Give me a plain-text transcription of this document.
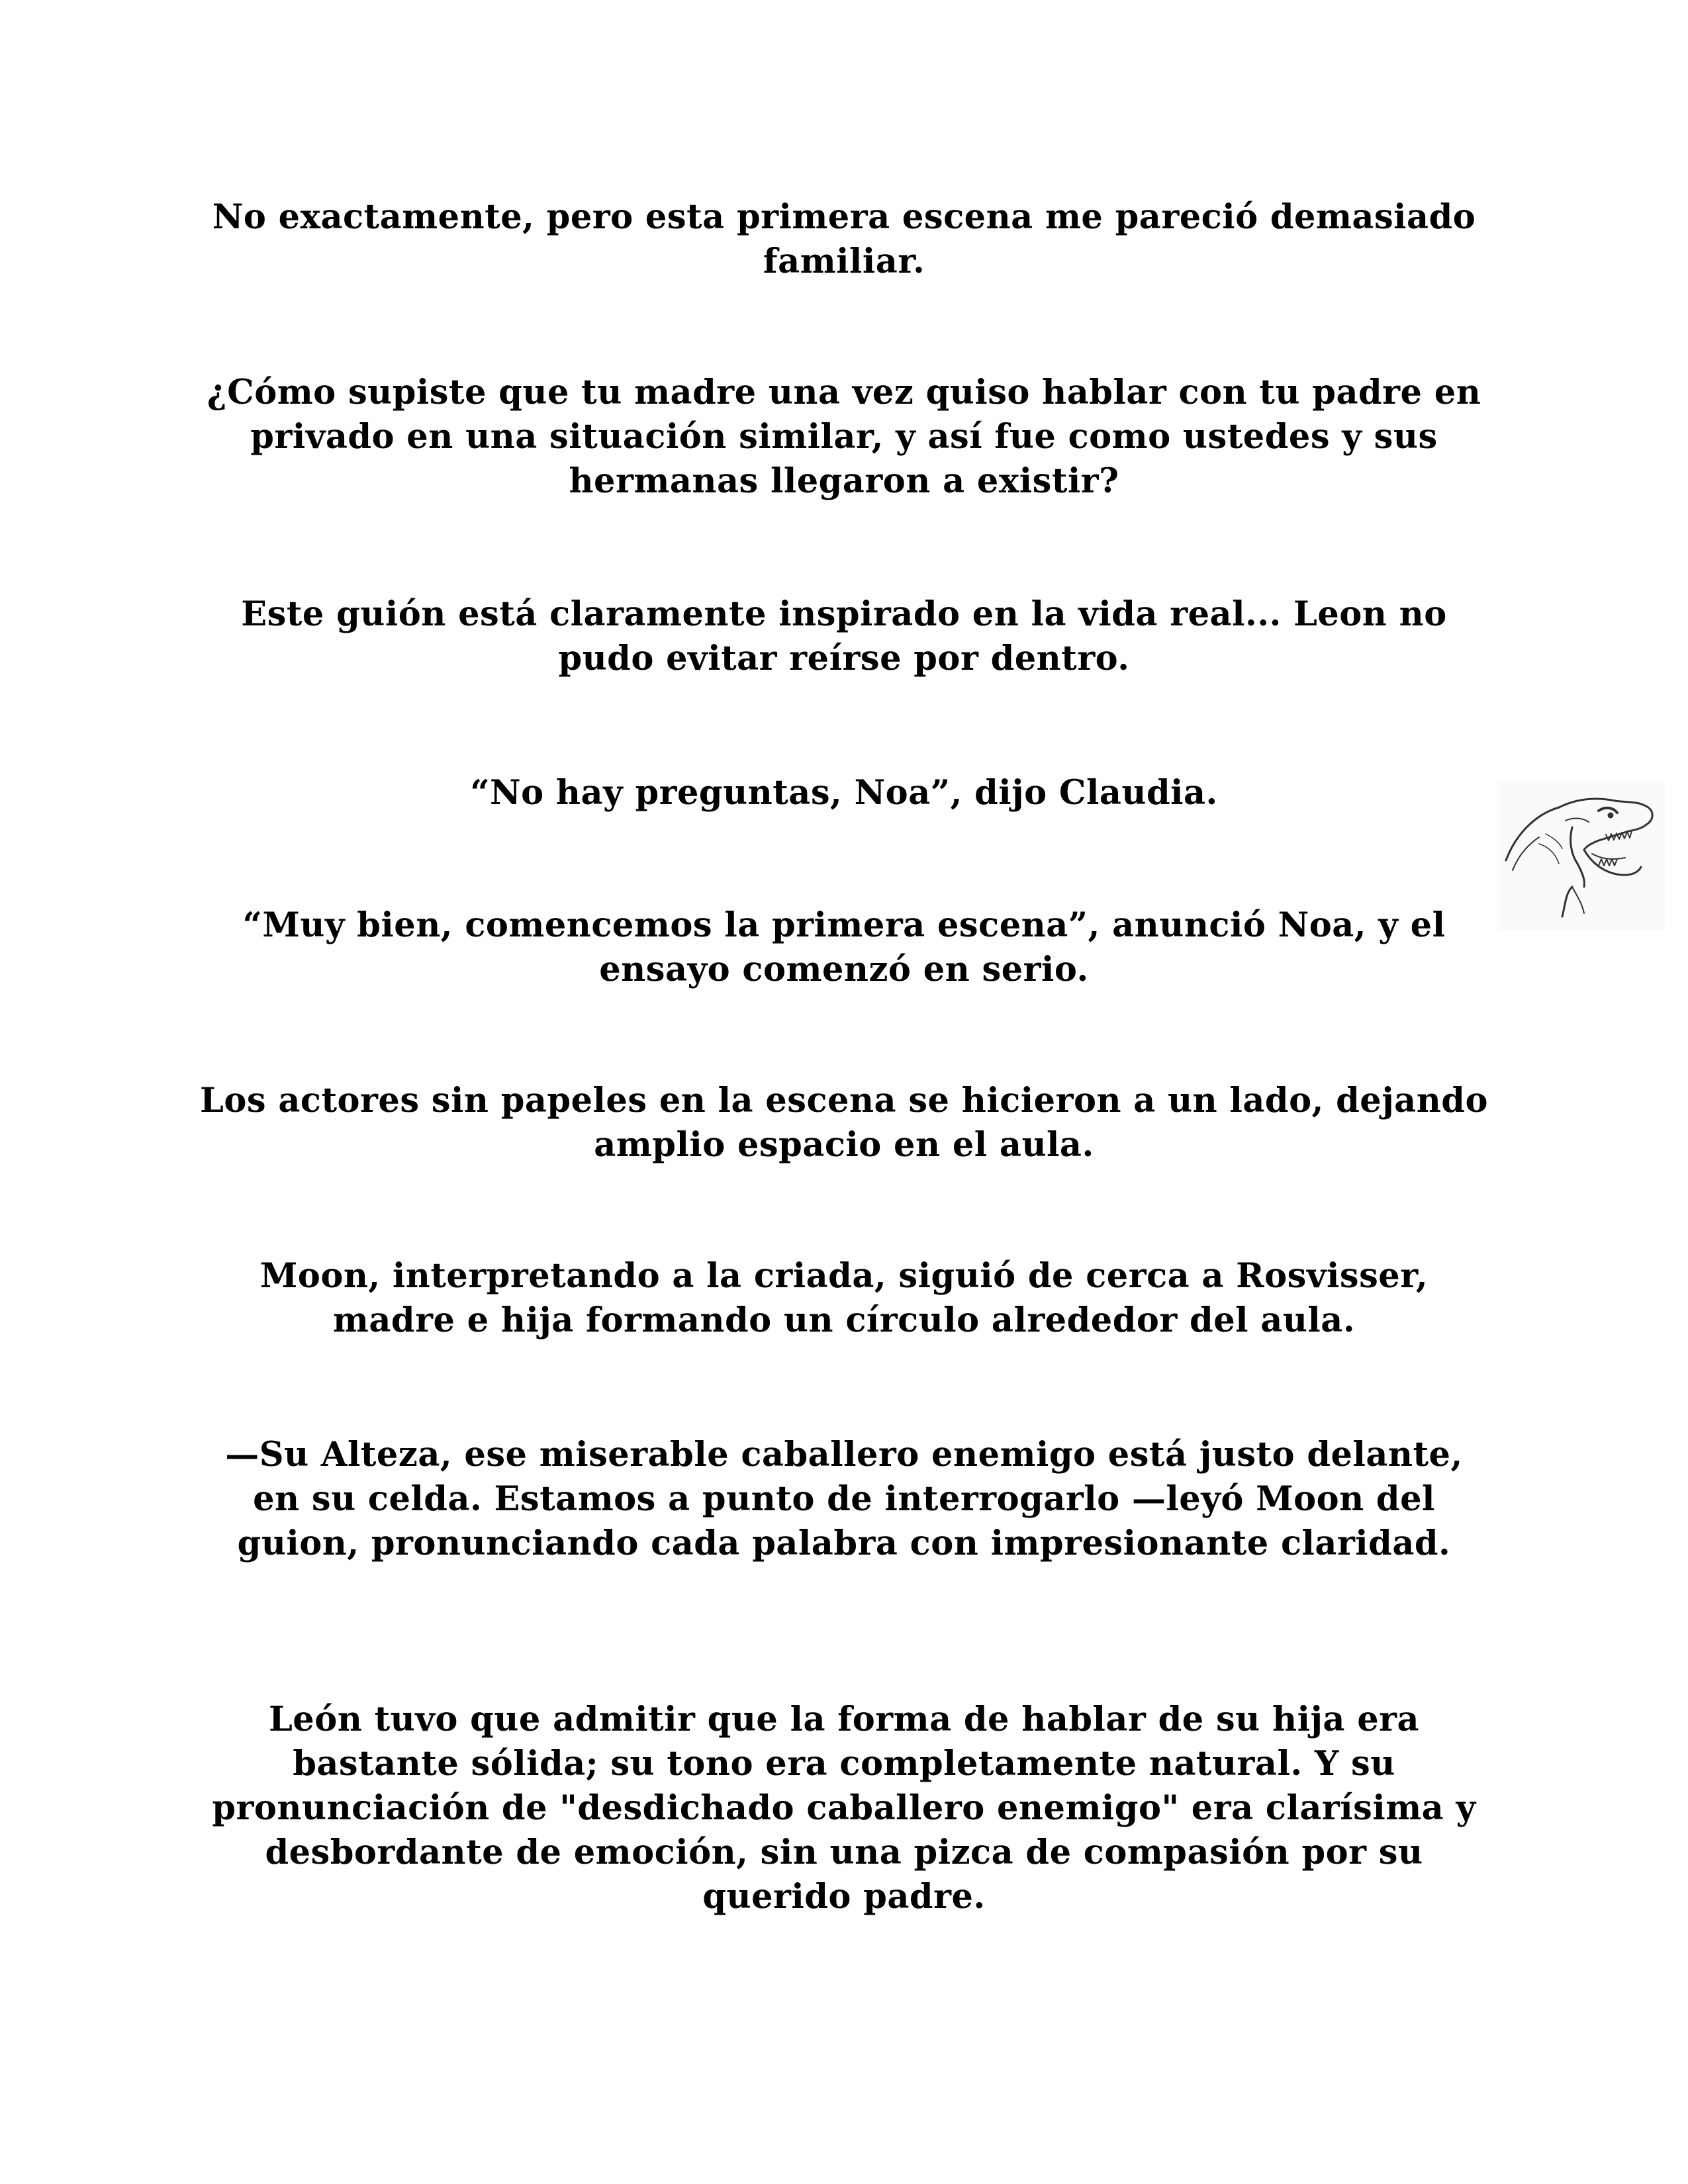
No exactamente, pero esta primera escena me pareció demasiado familiar.

¿Cómo supiste que tu madre una vez quiso hablar con tu padre en privado en una situación similar, y así fue como ustedes y sus hermanas llegaron a existir?

Este guión está claramente inspirado en la vida real... Leon no pudo evitar reírse por dentro.

“No hay preguntas, Noa”, dijo Claudia.

“Muy bien, comencemos la primera escena”, anunció Noa, y el ensayo comenzó en serio.

Los actores sin papeles en la escena se hicieron a un lado, dejando amplio espacio en el aula.

Moon, interpretando a la criada, siguió de cerca a Rosvisser, madre e hija formando un círculo alrededor del aula.

—Su Alteza, ese miserable caballero enemigo está justo delante, en su celda. Estamos a punto de interrogarlo —leyó Moon del guion, pronunciando cada palabra con impresionante claridad.

León tuvo que admitir que la forma de hablar de su hija era bastante sólida; su tono era completamente natural. Y su pronunciación de "desdichado caballero enemigo" era clarísima y desbordante de emoción, sin una pizca de compasión por su querido padre.
